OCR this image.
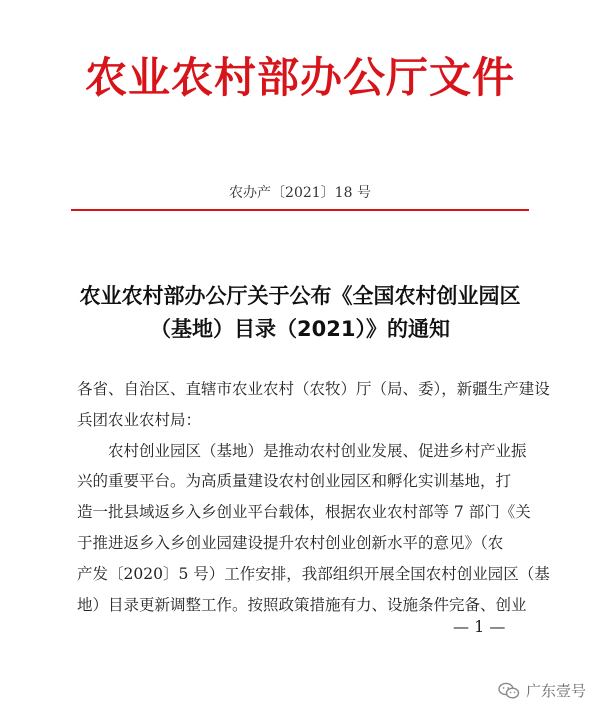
农业农村部办公厅文件
农办产〔2021〕18 号
农业农村部办公厅关于公布《全国农村创业园区
（基地）目录（2021）》的通知
各省、自治区、直辖市农业农村（农牧）厅（局、委），新疆生产建设
兵团农业农村局：
　　农村创业园区（基地）是推动农村创业发展、促进乡村产业振
兴的重要平台。为高质量建设农村创业园区和孵化实训基地，打
造一批县域返乡入乡创业平台载体，根据农业农村部等 7 部门《关
于推进返乡入乡创业园建设提升农村创业创新水平的意见》（农
产发〔2020〕5 号）工作安排，我部组织开展全国农村创业园区（基
地）目录更新调整工作。按照政策措施有力、设施条件完备、创业
— 1 —
广东壹号
